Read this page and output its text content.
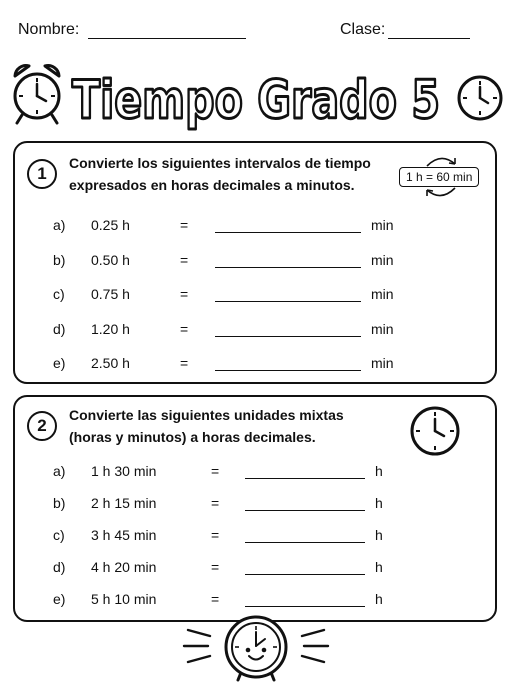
Nombre:	Clase:
Tiempo Grado 5
1
Convierte los siguientes intervalos de tiempo
expresados en horas decimales a minutos.	1 h = 60 min
a) 0.25 h	=	min
b) 0.50 h	=	min
c) 0.75 h	=	min
d) 1.20 h	=	min
e) 2.50 h	=	min
2
Convierte las siguientes unidades mixtas
(horas y minutos) a horas decimales.
a) 1 h 30 min	=	h
b) 2 h 15 min	=	h
c) 3 h 45 min	=	h
d) 4 h 20 min	=	h
e) 5 h 10 min	=	h
